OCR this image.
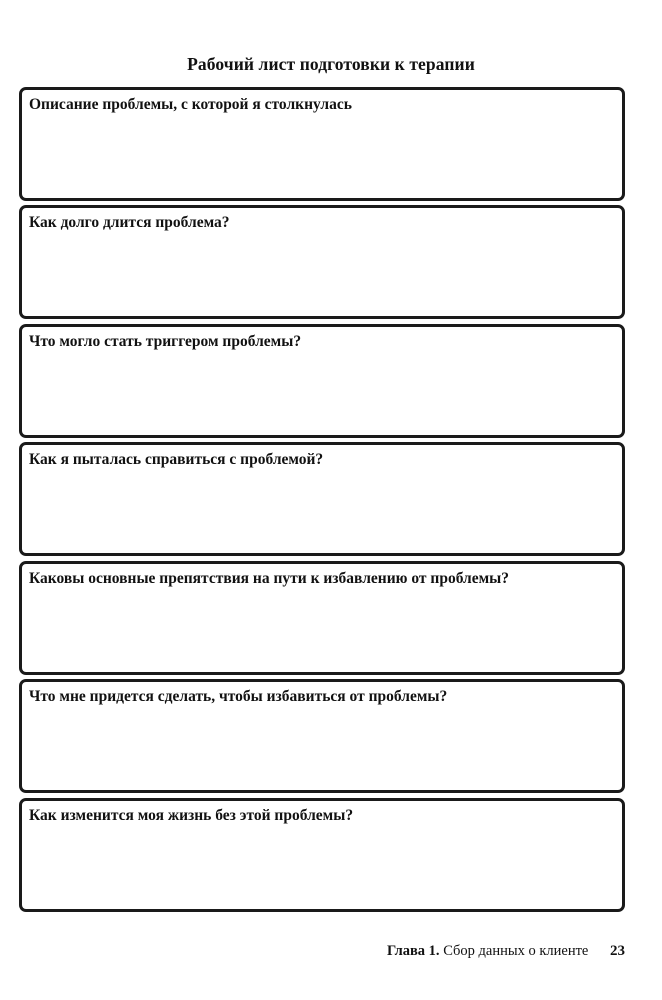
Рабочий лист подготовки к терапии
Описание проблемы, с которой я столкнулась
Как долго длится проблема?
Что могло стать триггером проблемы?
Как я пыталась справиться с проблемой?
Каковы основные препятствия на пути к избавлению от проблемы?
Что мне придется сделать, чтобы избавиться от проблемы?
Как изменится моя жизнь без этой проблемы?
Глава 1. Сбор данных о клиенте 23
